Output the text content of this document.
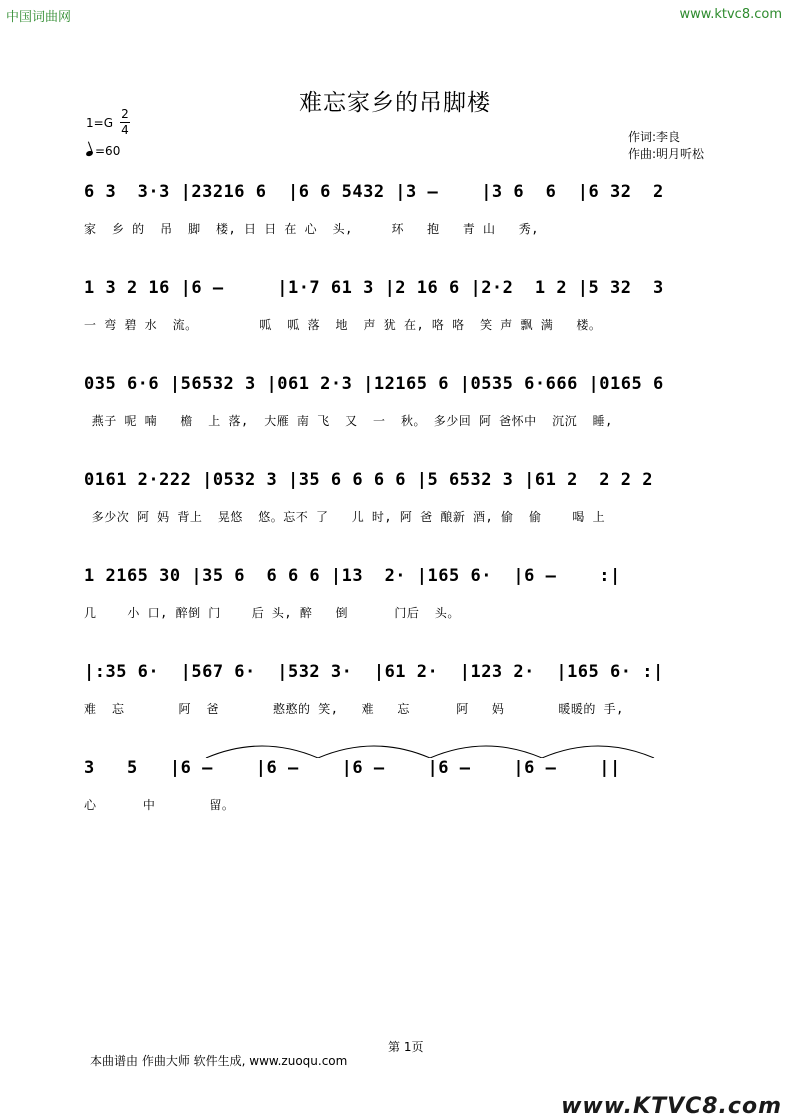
中国词曲网	www.ktvc8.com
难忘家乡的吊脚楼
1=G
2
4
=60
作词:李良
作曲:明月听松
6 3  3·3 |23216 6  |6 6 5432 |3 –    |3 6  6  |6 32  2
家  乡 的  吊  脚  楼, 日 日 在 心  头,     环   抱   青 山   秀,
1 3 2 16 |6 –     |1·7 61 3 |2 16 6 |2·2  1 2 |5 32  3
一 弯 碧 水  流。        呱  呱 落  地  声 犹 在, 咯 咯  笑 声 飘 满   楼。
035 6·6 |56532 3 |061 2·3 |12165 6 |0535 6·666 |0165 6
燕子 呢 喃   檐  上 落,  大雁 南 飞  又  一  秋。 多少回 阿 爸怀中  沉沉  睡,
0161 2·222 |0532 3 |35 6 6 6 6 |5 6532 3 |61 2  2 2 2
多少次 阿 妈 背上  晃悠  悠。忘不 了   儿 时, 阿 爸 酿新 酒, 偷  偷    喝 上
1 2165 30 |35 6  6 6 6 |13  2· |165 6·  |6 –    :|
几    小 口, 醉倒 门    后 头, 醉   倒      门后  头。
|:35 6·  |567 6·  |532 3·  |61 2·  |123 2·  |165 6· :|
难  忘       阿  爸       憨憨的 笑,   难   忘      阿   妈       暖暖的 手,
3   5   |6 –    |6 –    |6 –    |6 –    |6 –    ||
心      中       留。
第 1页
本曲谱由 作曲大师 软件生成, www.zuoqu.com
www.KTVC8.com
